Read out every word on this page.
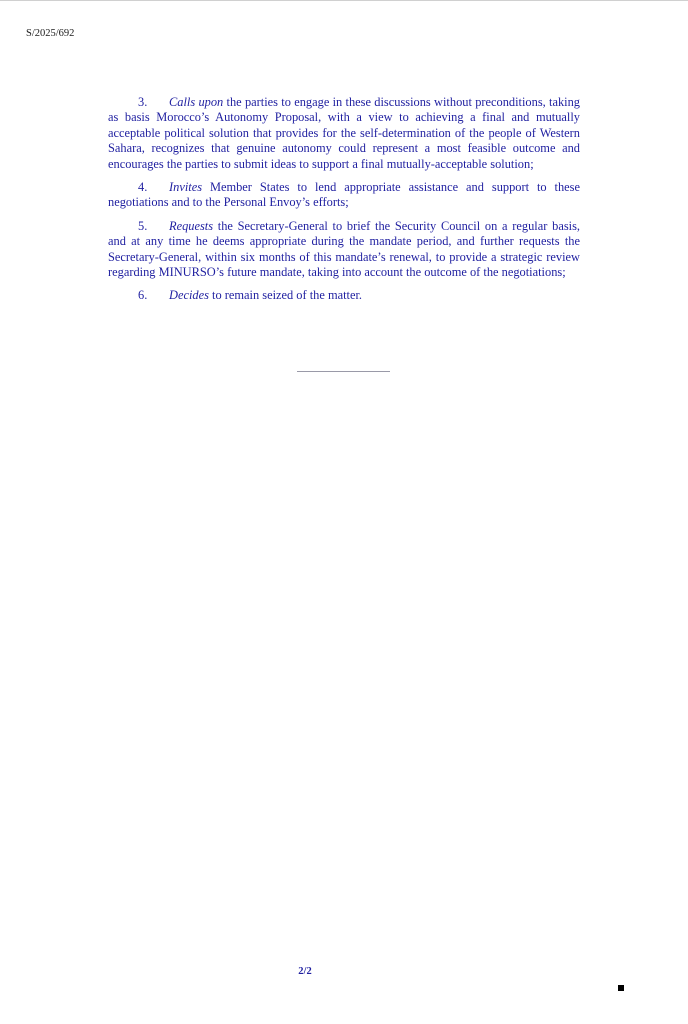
S/2025/692

3. Calls upon the parties to engage in these discussions without preconditions, taking as basis Morocco’s Autonomy Proposal, with a view to achieving a final and mutually acceptable political solution that provides for the self-determination of the people of Western Sahara, recognizes that genuine autonomy could represent a most feasible outcome and encourages the parties to submit ideas to support a final mutually-acceptable solution;

4. Invites Member States to lend appropriate assistance and support to these negotiations and to the Personal Envoy’s efforts;

5. Requests the Secretary-General to brief the Security Council on a regular basis, and at any time he deems appropriate during the mandate period, and further requests the Secretary-General, within six months of this mandate’s renewal, to provide a strategic review regarding MINURSO’s future mandate, taking into account the outcome of the negotiations;

6. Decides to remain seized of the matter.

2/2
